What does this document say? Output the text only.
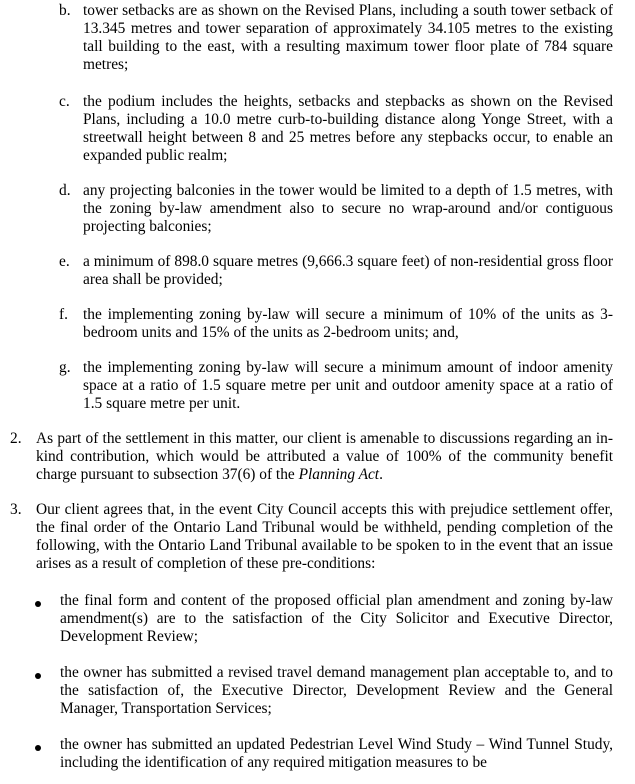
b. tower setbacks are as shown on the Revised Plans, including a south tower setback of 13.345 metres and tower separation of approximately 34.105 metres to the existing tall building to the east, with a resulting maximum tower floor plate of 784 square metres;
c. the podium includes the heights, setbacks and stepbacks as shown on the Revised Plans, including a 10.0 metre curb-to-building distance along Yonge Street, with a streetwall height between 8 and 25 metres before any stepbacks occur, to enable an expanded public realm;
d. any projecting balconies in the tower would be limited to a depth of 1.5 metres, with the zoning by-law amendment also to secure no wrap-around and/or contiguous projecting balconies;
e. a minimum of 898.0 square metres (9,666.3 square feet) of non-residential gross floor area shall be provided;
f. the implementing zoning by-law will secure a minimum of 10% of the units as 3-bedroom units and 15% of the units as 2-bedroom units; and,
g. the implementing zoning by-law will secure a minimum amount of indoor amenity space at a ratio of 1.5 square metre per unit and outdoor amenity space at a ratio of 1.5 square metre per unit.
2. As part of the settlement in this matter, our client is amenable to discussions regarding an in-kind contribution, which would be attributed a value of 100% of the community benefit charge pursuant to subsection 37(6) of the Planning Act.
3. Our client agrees that, in the event City Council accepts this with prejudice settlement offer, the final order of the Ontario Land Tribunal would be withheld, pending completion of the following, with the Ontario Land Tribunal available to be spoken to in the event that an issue arises as a result of completion of these pre-conditions:
the final form and content of the proposed official plan amendment and zoning by-law amendment(s) are to the satisfaction of the City Solicitor and Executive Director, Development Review;
the owner has submitted a revised travel demand management plan acceptable to, and to the satisfaction of, the Executive Director, Development Review and the General Manager, Transportation Services;
the owner has submitted an updated Pedestrian Level Wind Study – Wind Tunnel Study, including the identification of any required mitigation measures to be
